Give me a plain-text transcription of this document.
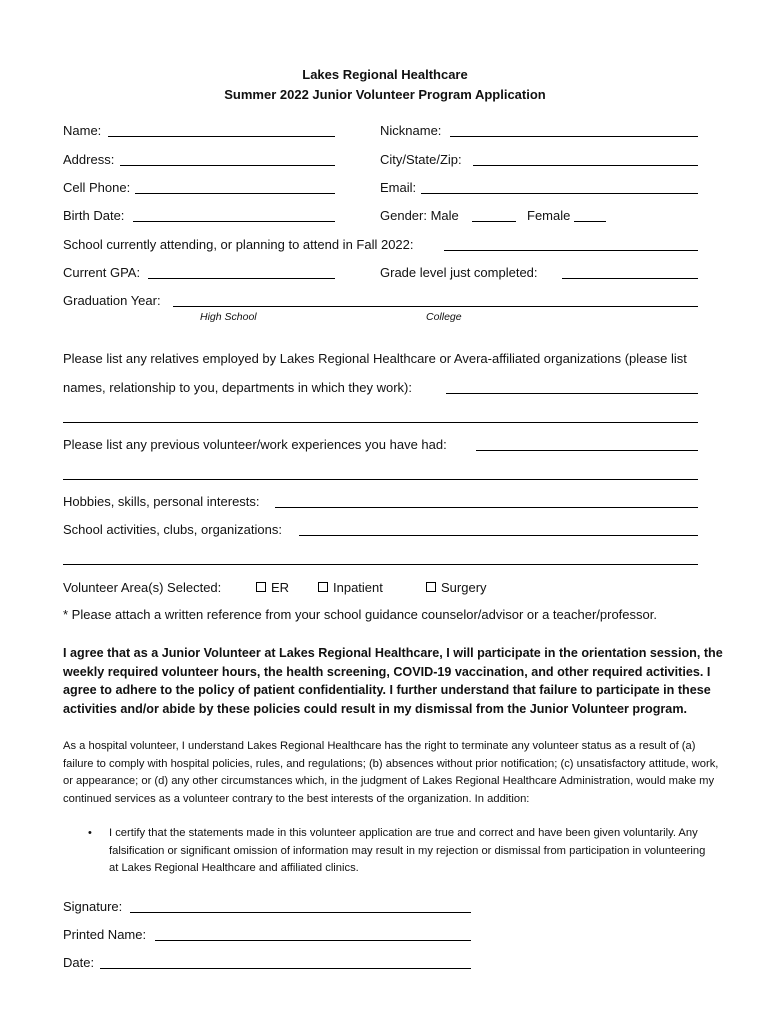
Lakes Regional Healthcare
Summer 2022 Junior Volunteer Program Application
Name:	Nickname:
Address:	City/State/Zip:
Cell Phone:	Email:
Birth Date:	Gender: Male	Female
School currently attending, or planning to attend in Fall 2022:
Current GPA:	Grade level just completed:
Graduation Year:
High School	College
Please list any relatives employed by Lakes Regional Healthcare or Avera-affiliated organizations (please list
names, relationship to you, departments in which they work):
Please list any previous volunteer/work experiences you have had:
Hobbies, skills, personal interests:
School activities, clubs, organizations:
Volunteer Area(s) Selected:	ER	Inpatient	Surgery
* Please attach a written reference from your school guidance counselor/advisor or a teacher/professor.
I agree that as a Junior Volunteer at Lakes Regional Healthcare, I will participate in the orientation session, the weekly required volunteer hours, the health screening, COVID-19 vaccination, and other required activities. I agree to adhere to the policy of patient confidentiality. I further understand that failure to participate in these activities and/or abide by these policies could result in my dismissal from the Junior Volunteer program.
As a hospital volunteer, I understand Lakes Regional Healthcare has the right to terminate any volunteer status as a result of (a) failure to comply with hospital policies, rules, and regulations; (b) absences without prior notification; (c) unsatisfactory attitude, work, or appearance; or (d) any other circumstances which, in the judgment of Lakes Regional Healthcare Administration, would make my continued services as a volunteer contrary to the best interests of the organization. In addition:
• I certify that the statements made in this volunteer application are true and correct and have been given voluntarily. Any falsification or significant omission of information may result in my rejection or dismissal from participation in volunteering at Lakes Regional Healthcare and affiliated clinics.
Signature:
Printed Name:
Date:
